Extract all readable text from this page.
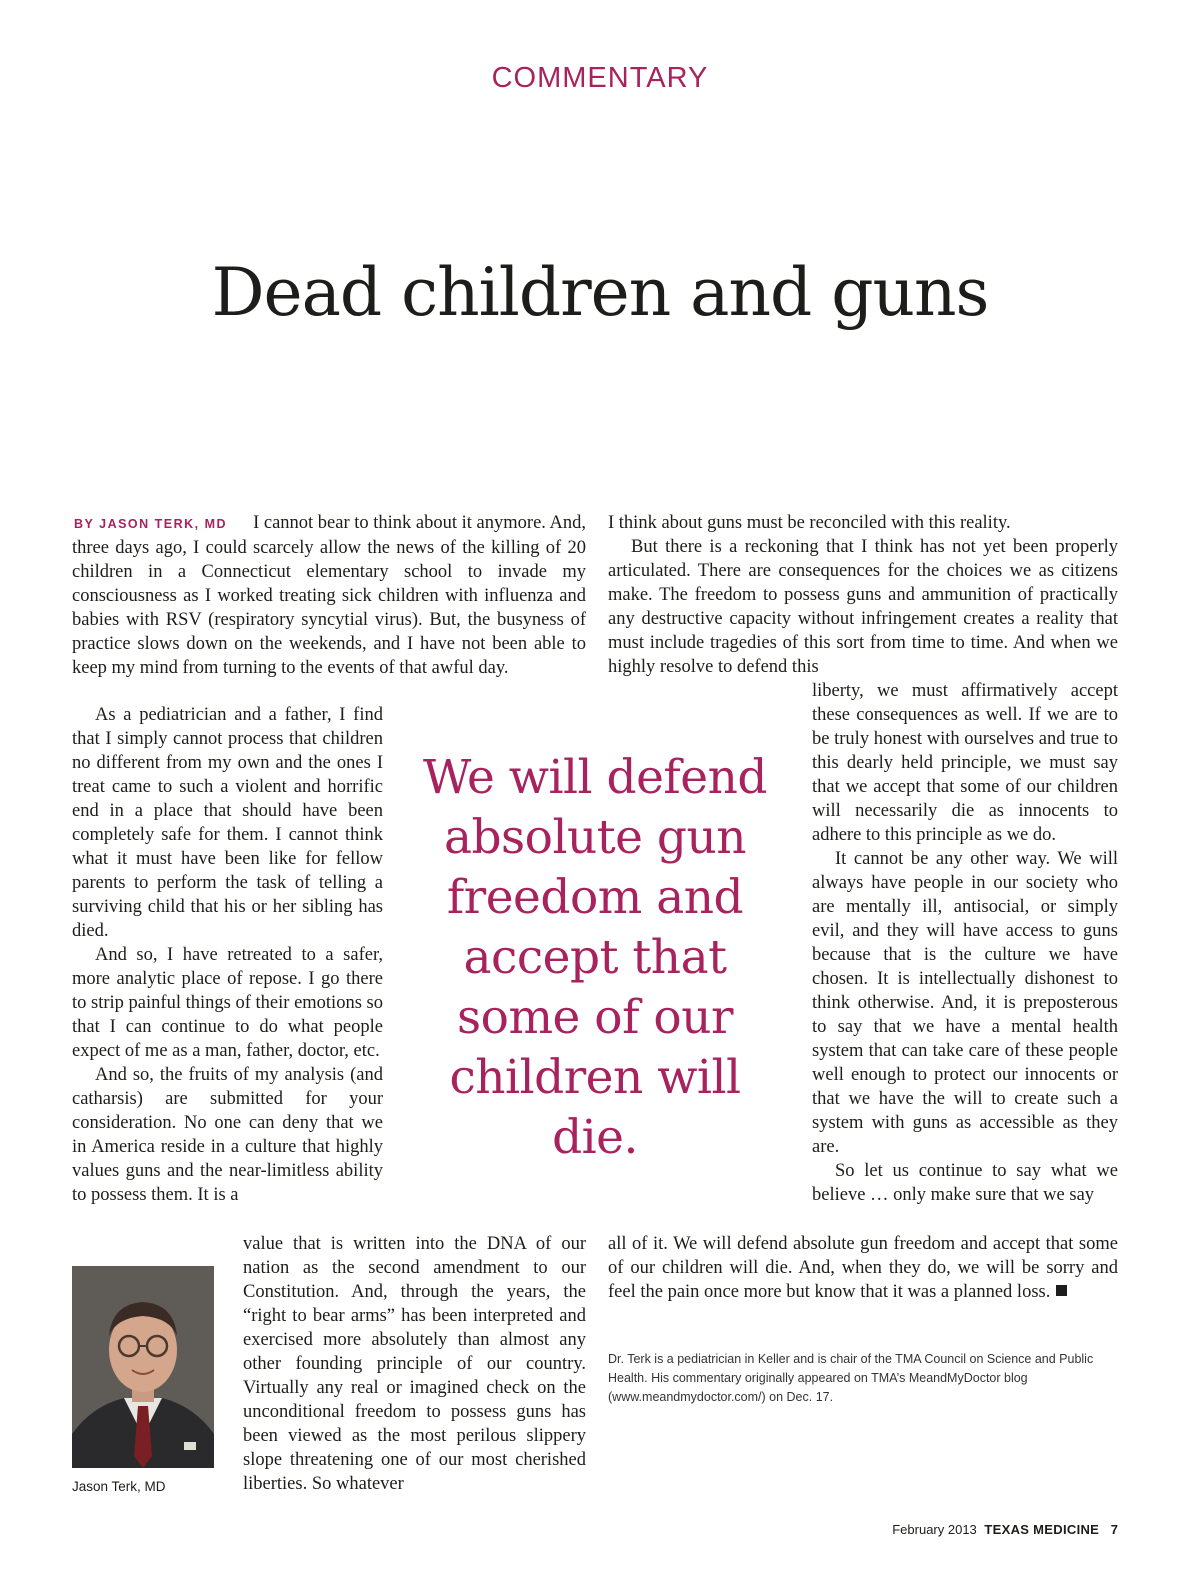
COMMENTARY
Dead children and guns

BY JASON TERK, MD I cannot bear to think about it anymore. And, three days ago, I could scarcely allow the news of the killing of 20 children in a Connecticut elementary school to invade my consciousness as I worked treating sick children with influenza and babies with RSV (respiratory syncytial virus). But, the busyness of practice slows down on the weekends, and I have not been able to keep my mind from turning to the events of that awful day.

As a pediatrician and a father, I find that I simply cannot process that children no different from my own and the ones I treat came to such a violent and horrific end in a place that should have been completely safe for them. I cannot think what it must have been like for fellow parents to perform the task of telling a surviving child that his or her sibling has died.

And so, I have retreated to a safer, more analytic place of repose. I go there to strip painful things of their emotions so that I can continue to do what people expect of me as a man, father, doctor, etc.

And so, the fruits of my analysis (and catharsis) are submitted for your consideration. No one can deny that we in America reside in a culture that highly values guns and the near-limitless ability to possess them. It is a

value that is written into the DNA of our nation as the second amendment to our Constitution. And, through the years, the “right to bear arms” has been interpreted and exercised more absolutely than almost any other founding principle of our country. Virtually any real or imagined check on the unconditional freedom to possess guns has been viewed as the most perilous slippery slope threatening one of our most cherished liberties. So whatever

I think about guns must be reconciled with this reality.

But there is a reckoning that I think has not yet been properly articulated. There are consequences for the choices we as citizens make. The freedom to possess guns and ammunition of practically any destructive capacity without infringement creates a reality that must include tragedies of this sort from time to time. And when we highly resolve to defend this

liberty, we must affirmatively accept these consequences as well. If we are to be truly honest with ourselves and true to this dearly held principle, we must say that we accept that some of our children will necessarily die as innocents to adhere to this principle as we do.

It cannot be any other way. We will always have people in our society who are mentally ill, antisocial, or simply evil, and they will have access to guns because that is the culture we have chosen. It is intellectually dishonest to think otherwise. And, it is preposterous to say that we have a mental health system that can take care of these people well enough to protect our innocents or that we have the will to create such a system with guns as accessible as they are.

So let us continue to say what we believe … only make sure that we say

all of it. We will defend absolute gun freedom and accept that some of our children will die. And, when they do, we will be sorry and feel the pain once more but know that it was a planned loss.

We will defend absolute gun freedom and accept that some of our children will die.
Dr. Terk is a pediatrician in Keller and is chair of the TMA Council on Science and Public Health. His commentary originally appeared on TMA’s MeandMyDoctor blog (www.meandmydoctor.com/) on Dec. 17.
Jason Terk, MD
February 2013 TEXAS MEDICINE 7
